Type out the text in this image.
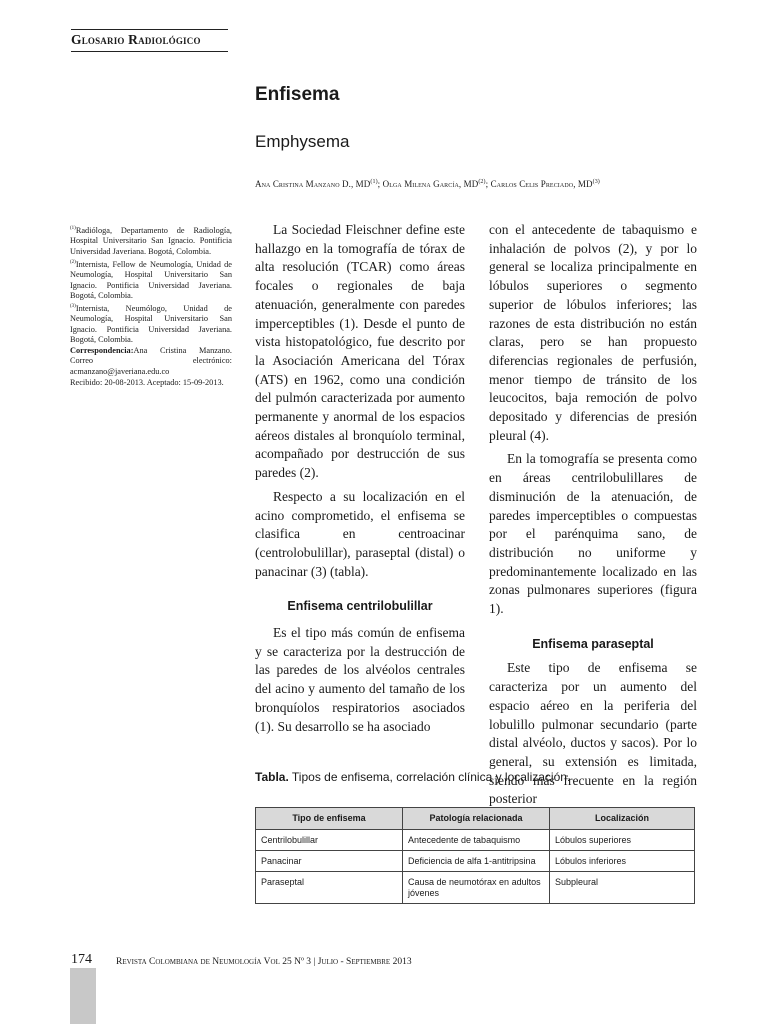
Glosario Radiológico
Enfisema
Emphysema
Ana Cristina Manzano D., MD$^{(1)}$; Olga Milena García, MD$^{(2)}$; Carlos Celis Preciado, MD$^{(3)}$

$^{(1)}$Radióloga, Departamento de Radiología, Hospital Universitario San Ignacio. Pontificia Universidad Javeriana. Bogotá, Colombia.

$^{(2)}$Internista, Fellow de Neumología, Unidad de Neumología, Hospital Universitario San Ignacio. Pontificia Universidad Javeriana. Bogotá, Colombia.

$^{(3)}$Internista, Neumólogo, Unidad de Neumología, Hospital Universitario San Ignacio. Pontificia Universidad Javeriana. Bogotá, Colombia.

Correspondencia:Ana Cristina Manzano. Correo electrónico: acmanzano@javeriana.edu.co

Recibido: 20-08-2013. Aceptado: 15-09-2013.

La Sociedad Fleischner define este hallazgo en la tomografía de tórax de alta resolución (TCAR) como áreas focales o regionales de baja atenuación, generalmente con paredes imperceptibles (1). Desde el punto de vista histopatológico, fue descrito por la Asociación Americana del Tórax (ATS) en 1962, como una condición del pulmón caracterizada por aumento permanente y anormal de los espacios aéreos distales al bronquíolo terminal, acompañado por destrucción de sus paredes (2).

Respecto a su localización en el acino comprometido, el enfisema se clasifica en centroacinar (centrolobulillar), paraseptal (distal) o panacinar (3) (tabla).

Enfisema centrilobulillar

Es el tipo más común de enfisema y se caracteriza por la destrucción de las paredes de los alvéolos centrales del acino y aumento del tamaño de los bronquíolos respiratorios asociados (1). Su desarrollo se ha asociado

con el antecedente de tabaquismo e inhalación de polvos (2), y por lo general se localiza principalmente en lóbulos superiores o segmento superior de lóbulos inferiores; las razones de esta distribución no están claras, pero se han propuesto diferencias regionales de perfusión, menor tiempo de tránsito de los leucocitos, baja remoción de polvo depositado y diferencias de presión pleural (4).

En la tomografía se presenta como en áreas centrilobulillares de disminución de la atenuación, de paredes imperceptibles o compuestas por el parénquima sano, de distribución no uniforme y predominantemente localizado en las zonas pulmonares superiores (figura 1).

Enfisema paraseptal

Este tipo de enfisema se caracteriza por un aumento del espacio aéreo en la periferia del lobulillo pulmonar secundario (parte distal alvéolo, ductos y sacos). Por lo general, su extensión es limitada, siendo más frecuente en la región posterior

Tabla. Tipos de enfisema, correlación clínica y localización.
Tipo de enfisema	Patología relacionada	Localización
Centrilobulillar	Antecedente de tabaquismo	Lóbulos superiores
Panacinar	Deficiencia de alfa 1-antitripsina	Lóbulos inferiores
Paraseptal	Causa de neumotórax en adultos jóvenes	Subpleural
174	Revista Colombiana de Neumología Vol 25 Nº 3 | Julio - Septiembre 2013
